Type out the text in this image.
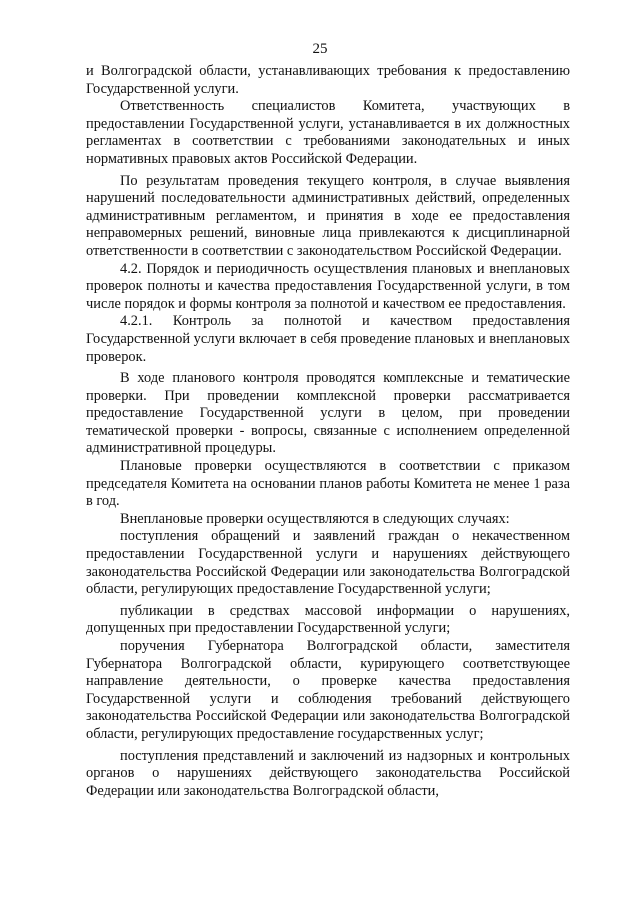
25

и Волгоградской области, устанавливающих требования к предоставлению Государственной услуги.

Ответственность специалистов Комитета, участвующих в предоставлении Государственной услуги, устанавливается в их должностных регламентах в соответствии с требованиями законодательных и иных нормативных правовых актов Российской Федерации.

По результатам проведения текущего контроля, в случае выявления нарушений последовательности административных действий, определенных административным регламентом, и принятия в ходе ее предоставления неправомерных решений, виновные лица привлекаются к дисциплинарной ответственности в соответствии с законодательством Российской Федерации.

4.2. Порядок и периодичность осуществления плановых и внеплановых проверок полноты и качества предоставления Государственной услуги, в том числе порядок и формы контроля за полнотой и качеством ее предоставления.

4.2.1. Контроль за полнотой и качеством предоставления Государственной услуги включает в себя проведение плановых и внеплановых проверок.

В ходе планового контроля проводятся комплексные и тематические проверки. При проведении комплексной проверки рассматривается предоставление Государственной услуги в целом, при проведении тематической проверки - вопросы, связанные с исполнением определенной административной процедуры.

Плановые проверки осуществляются в соответствии с приказом председателя Комитета на основании планов работы Комитета не менее 1 раза в год.

Внеплановые проверки осуществляются в следующих случаях:

поступления обращений и заявлений граждан о некачественном предоставлении Государственной услуги и нарушениях действующего законодательства Российской Федерации или законодательства Волгоградской области, регулирующих предоставление Государственной услуги;

публикации в средствах массовой информации о нарушениях, допущенных при предоставлении Государственной услуги;

поручения Губернатора Волгоградской области, заместителя Губернатора Волгоградской области, курирующего соответствующее направление деятельности, о проверке качества предоставления Государственной услуги и соблюдения требований действующего законодательства Российской Федерации или законодательства Волгоградской области, регулирующих предоставление государственных услуг;

поступления представлений и заключений из надзорных и контрольных органов о нарушениях действующего законодательства Российской Федерации или законодательства Волгоградской области,
